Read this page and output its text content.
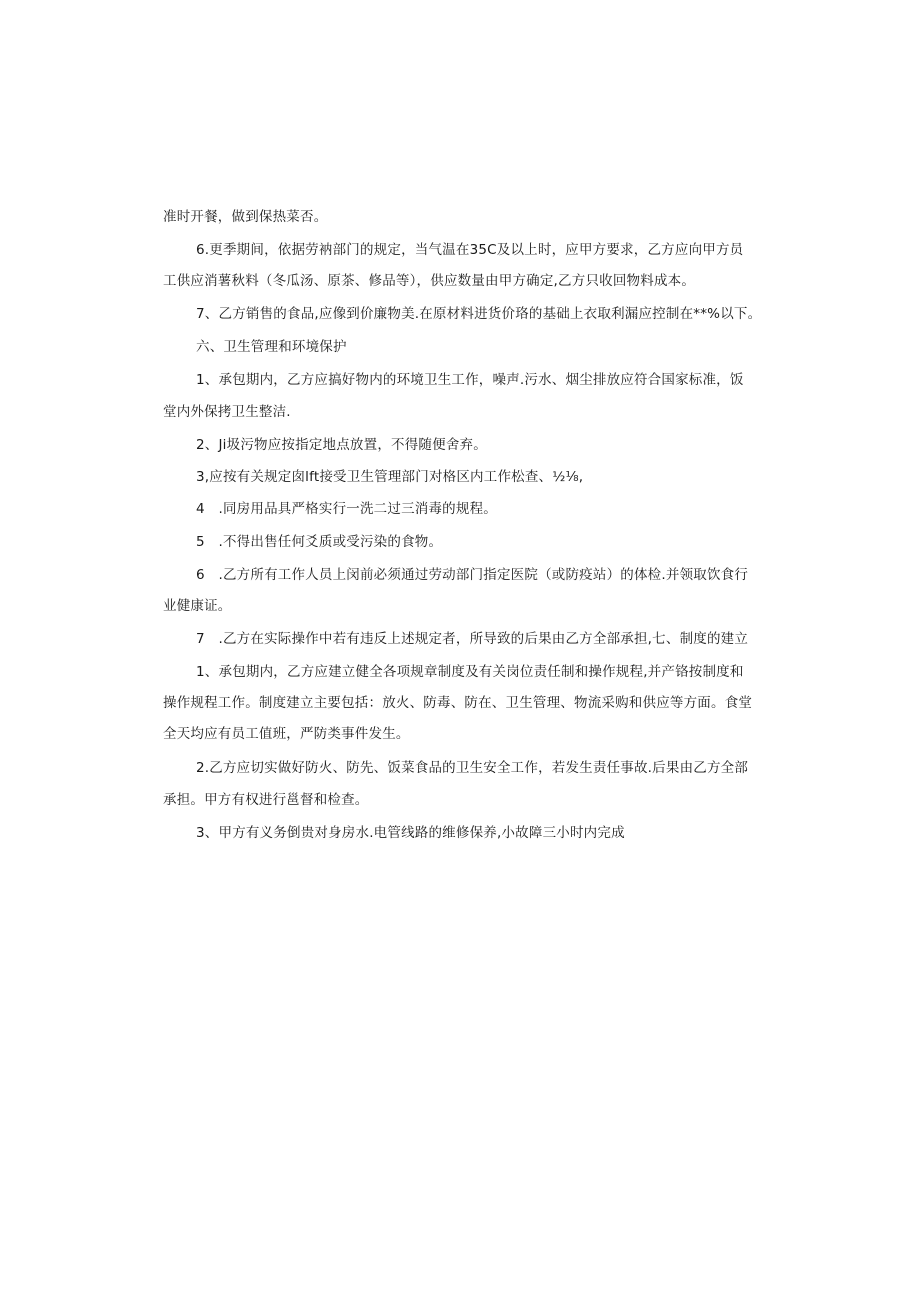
准时开餐，做到保热菜否。
6.更季期间，依据劳衲部门的规定，当气温在35C及以上时，应甲方要求，乙方应向甲方员
工供应消薯秋料（冬瓜汤、原茶、修品等），供应数量由甲方确定,乙方只收回物料成本。
7、乙方销售的食品,应像到价廉物美.在原材料进货价珞的基础上衣取利漏应控制在**%以下。
六、卫生管理和环境保护
1、承包期内，乙方应搞好物内的环境卫生工作，噪声.污水、烟尘排放应符合国家标准，饭
堂内外保拷卫生整洁.
2、Ji圾污物应按指定地点放置，不得随便舍弃。
3,应按有关规定囱lft接受卫生管理部门对格区内工作松查、½⅛,
4　.同房用品具严格实行一洗二过三消毒的规程。
5　.不得出售任何爻质或受污染的食物。
6　.乙方所有工作人员上闵前必须通过劳动部门指定医院（或防疫站）的体检.并领取饮食行
业健康证。
7　.乙方在实际操作中若有违反上述规定者，所导致的后果由乙方全部承担,七、制度的建立
1、承包期内，乙方应建立健全各项规章制度及有关岗位责任制和操作规程,并产铬按制度和
操作规程工作。制度建立主要包括：放火、防毒、防在、卫生管理、物流采购和供应等方面。食堂
全天均应有员工值班，严防类事件发生。
2.乙方应切实做好防火、防先、饭菜食品的卫生安全工作，若发生责任事故.后果由乙方全部
承担。甲方有权进行邕督和检查。
3、甲方有义务倒贵对身房水.电管线路的维修保养,小故障三小时内完成
